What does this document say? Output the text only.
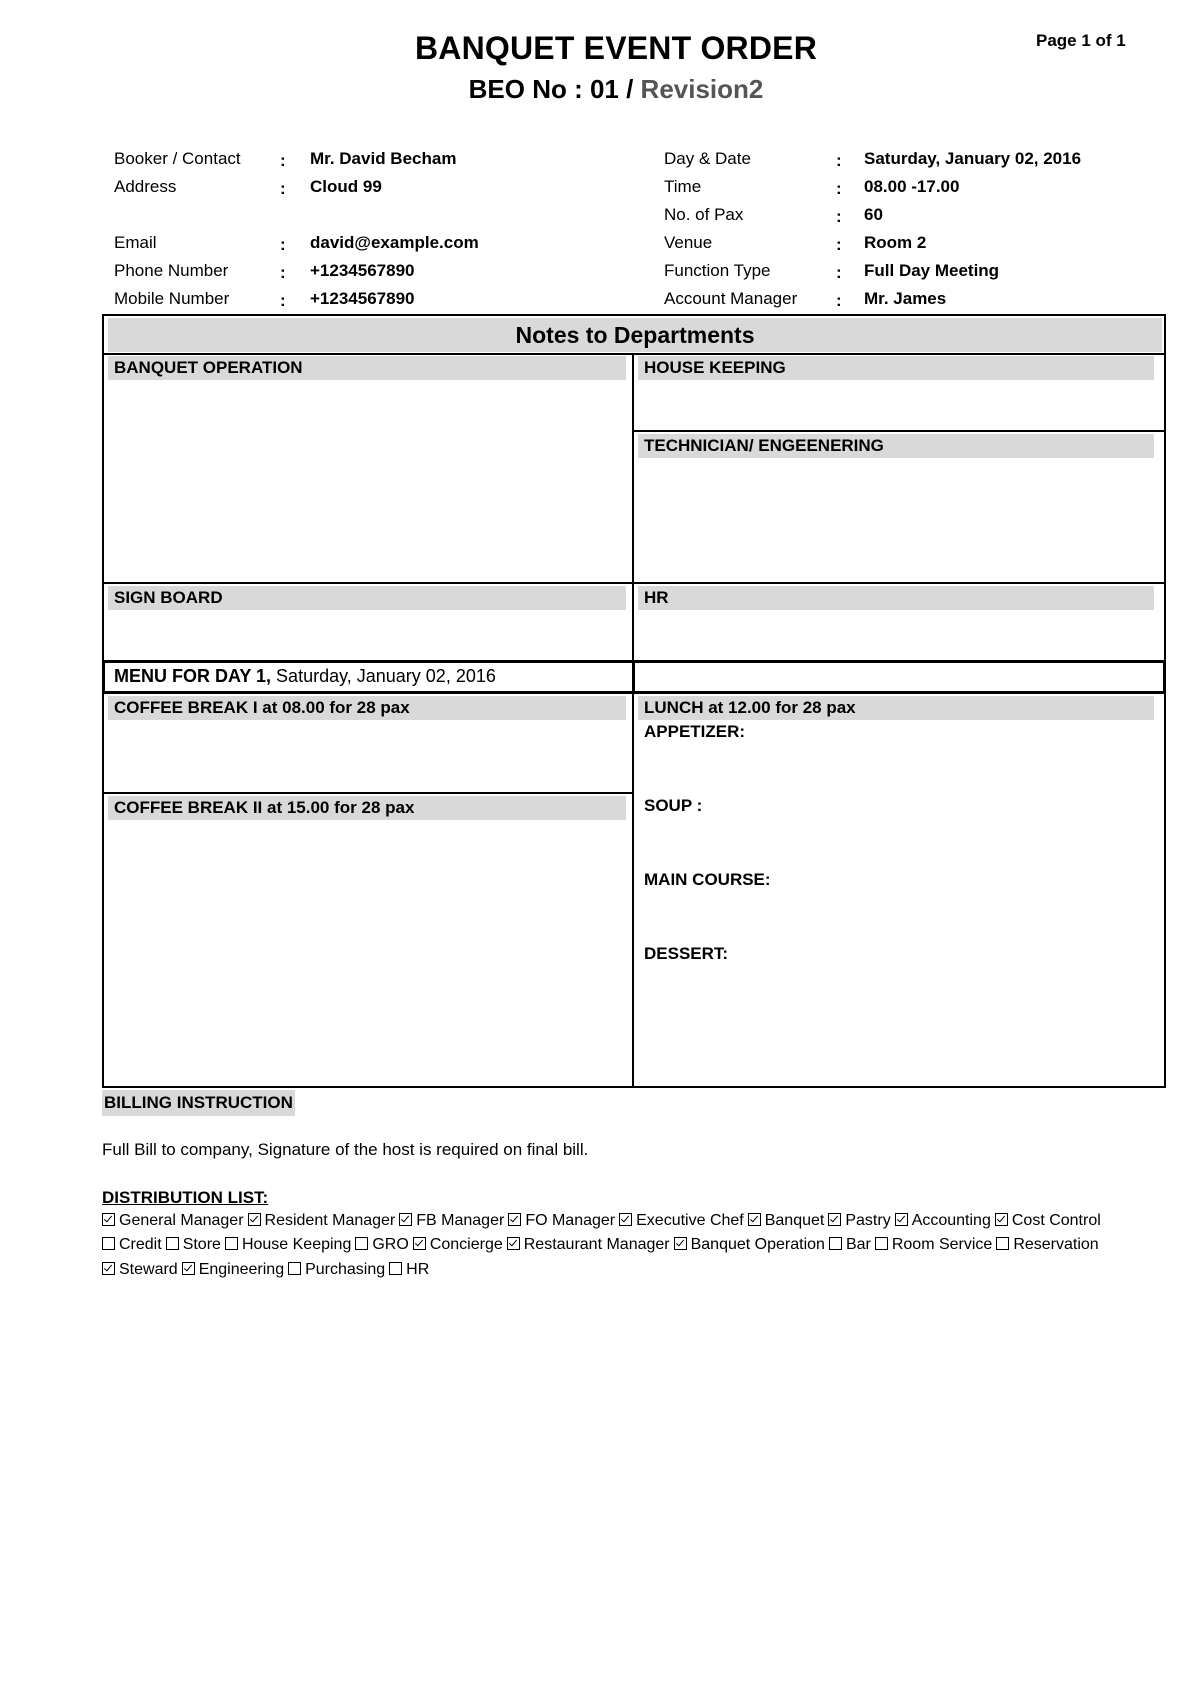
BANQUET EVENT ORDER
BEO No : 01 / Revision2
Page 1 of 1
Booker / Contact : Mr. David Becham
Address	: Cloud 99
Email	: david@example.com
Phone Number	: +1234567890
Mobile Number	: +1234567890
Day & Date	: Saturday, January 02, 2016
Time	: 08.00 -17.00
No. of Pax	: 60
Venue	: Room 2
Function Type	: Full Day Meeting
Account Manager : Mr. James
Notes to Departments
BANQUET OPERATION	HOUSE KEEPING
TECHNICIAN/ ENGEENERING
SIGN BOARD	HR
MENU FOR DAY 1, Saturday, January 02, 2016
COFFEE BREAK I at 08.00 for 28 pax
COFFEE BREAK II at 15.00 for 28 pax
LUNCH at 12.00 for 28 pax
APPETIZER:
SOUP :
MAIN COURSE:
DESSERT:
BILLING INSTRUCTION
Full Bill to company, Signature of the host is required on final bill.
DISTRIBUTION LIST:
General Manager Resident Manager FB Manager FO Manager Executive Chef Banquet Pastry Accounting Cost Control
Credit Store House Keeping GRO Concierge Restaurant Manager Banquet Operation Bar Room Service Reservation
Steward Engineering Purchasing HR
